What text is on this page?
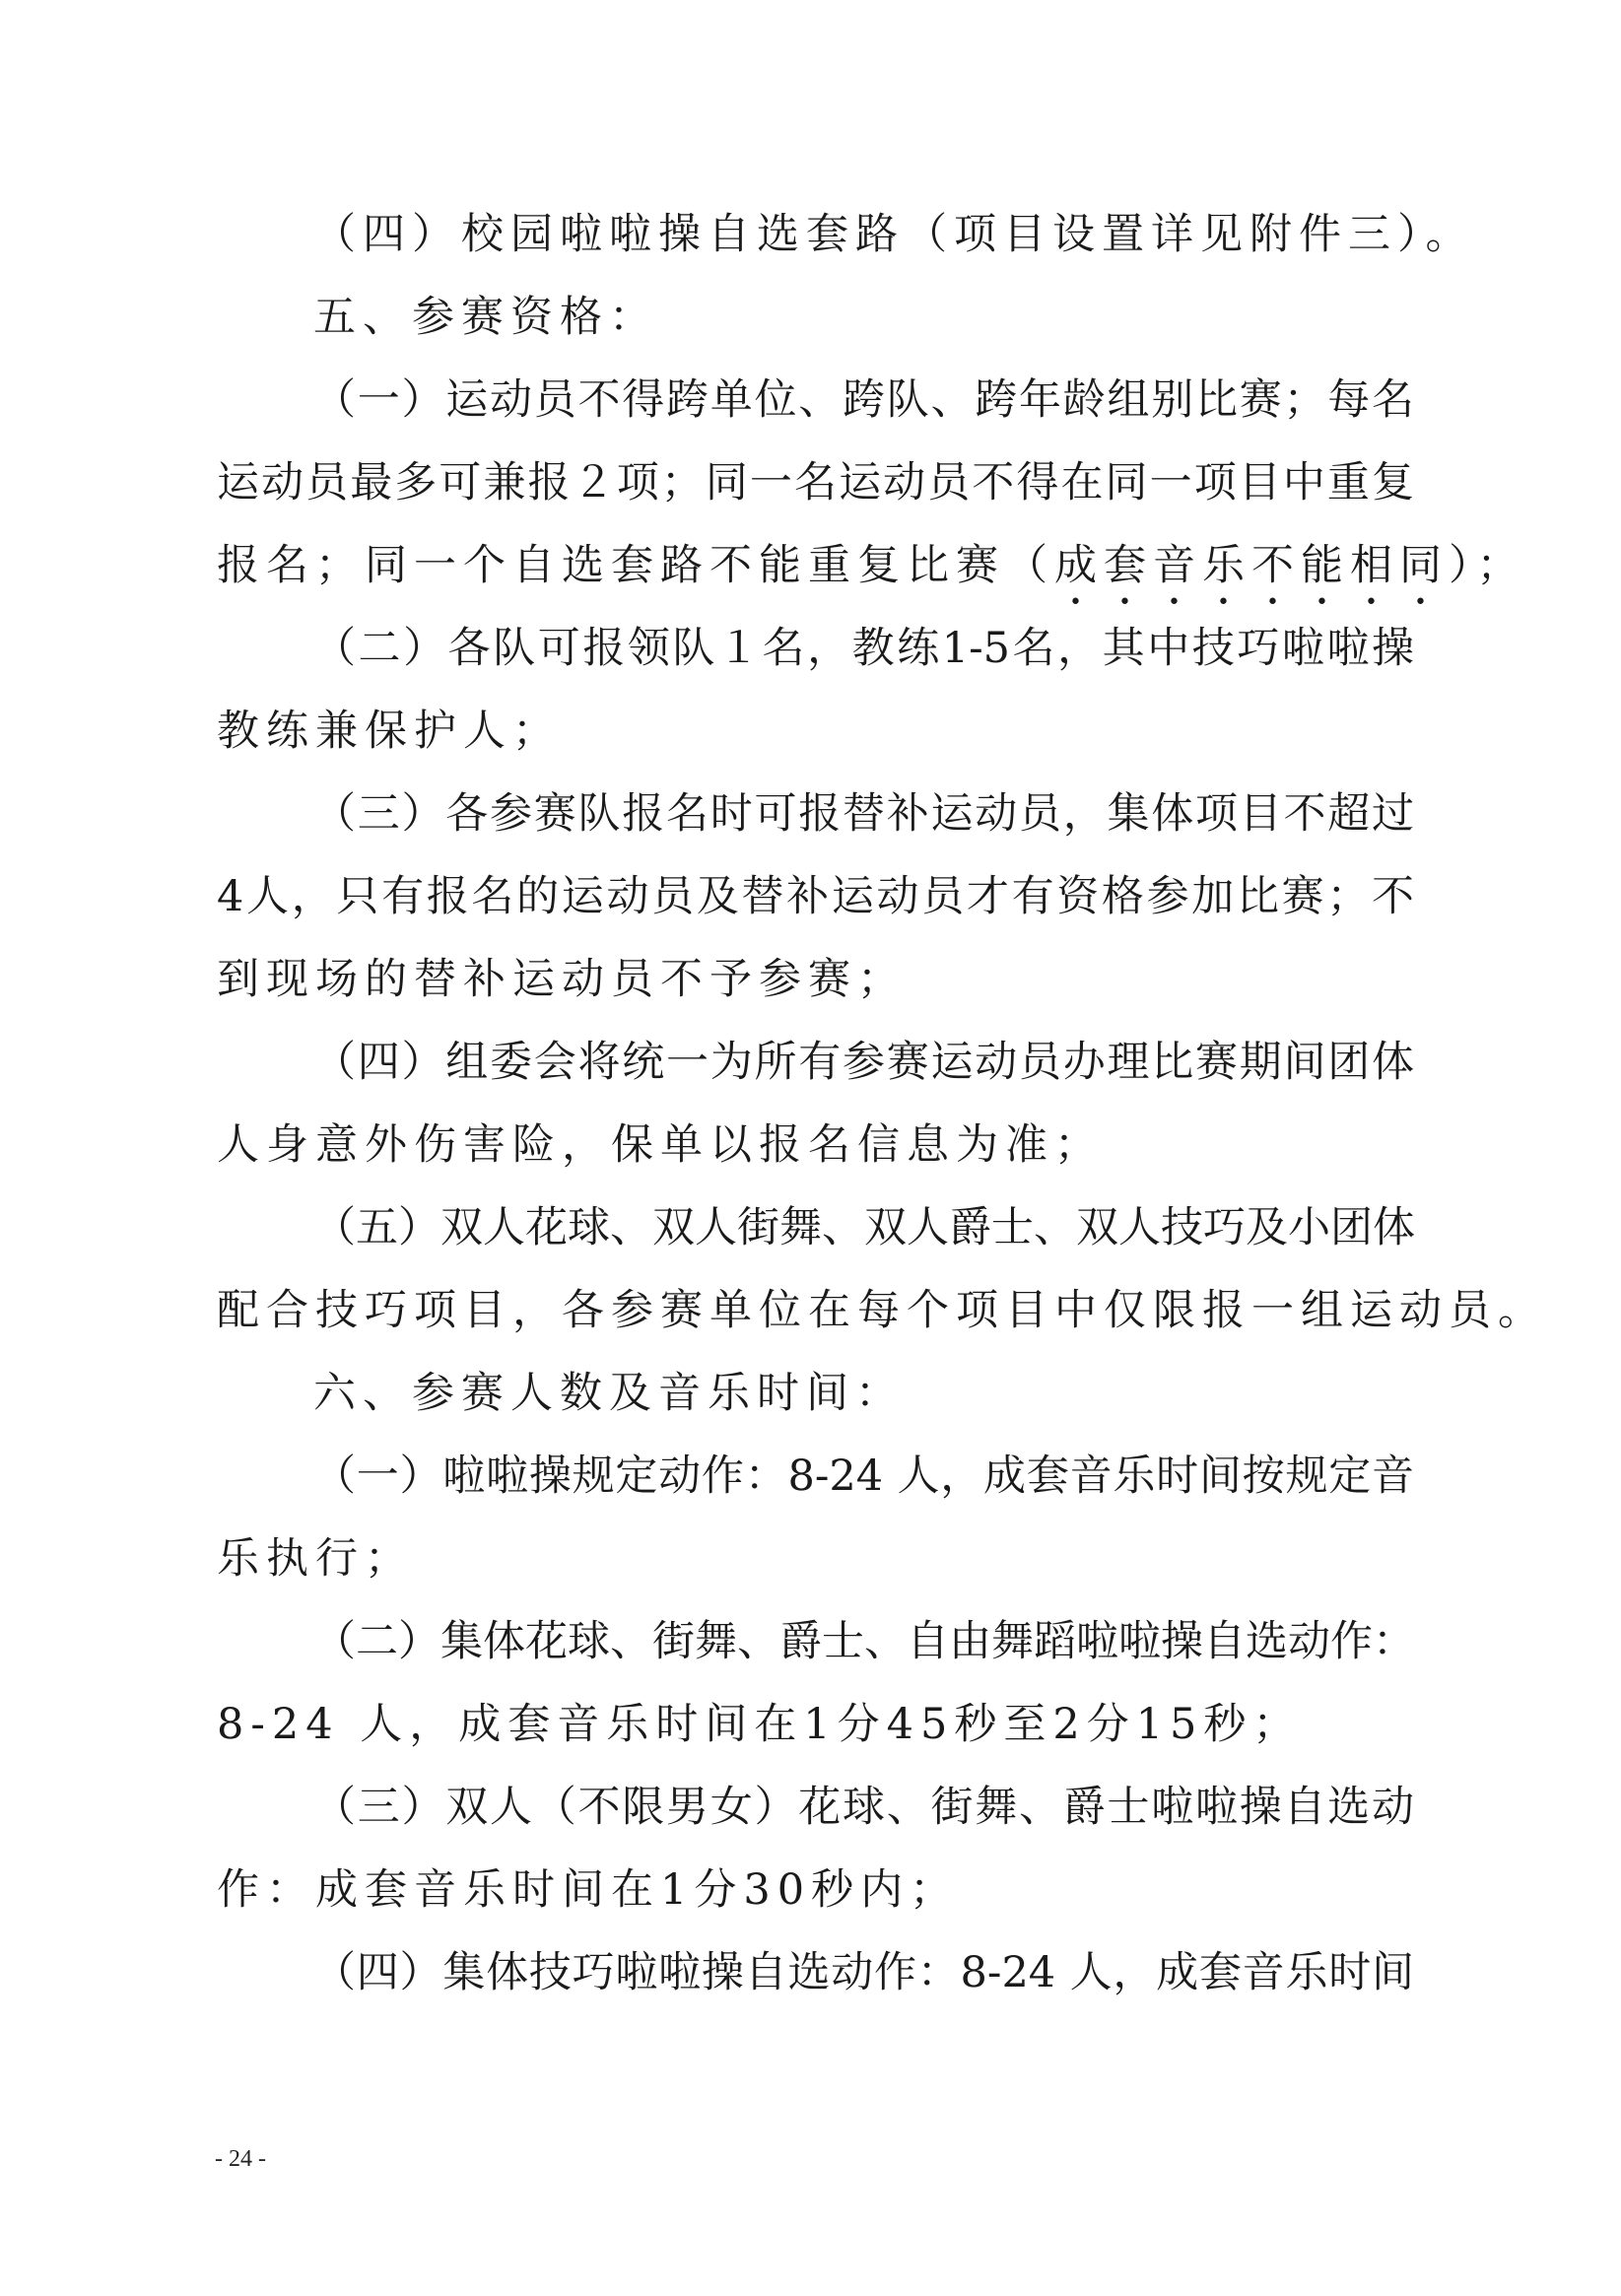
（四）校园啦啦操自选套路（项目设置详见附件三）。
五、参赛资格：
（一）运动员不得跨单位、跨队、跨年龄组别比赛；每名
运动员最多可兼报２项；同一名运动员不得在同一项目中重复
报名；同一个自选套路不能重复比赛（成套音乐不能相同）；
（二）各队可报领队１名，教练1-5名，其中技巧啦啦操
教练兼保护人；
（三）各参赛队报名时可报替补运动员，集体项目不超过
4人，只有报名的运动员及替补运动员才有资格参加比赛；不
到现场的替补运动员不予参赛；
（四）组委会将统一为所有参赛运动员办理比赛期间团体
人身意外伤害险，保单以报名信息为准；
（五）双人花球、双人街舞、双人爵士、双人技巧及小团体
配合技巧项目，各参赛单位在每个项目中仅限报一组运动员。
六、参赛人数及音乐时间：
（一）啦啦操规定动作：8-24 人，成套音乐时间按规定音
乐执行；
（二）集体花球、街舞、爵士、自由舞蹈啦啦操自选动作：
8-24 人，成套音乐时间在1分45秒至2分15秒；
（三）双人（不限男女）花球、街舞、爵士啦啦操自选动
作：成套音乐时间在1分30秒内；
（四）集体技巧啦啦操自选动作：8-24 人，成套音乐时间
- 24 -
